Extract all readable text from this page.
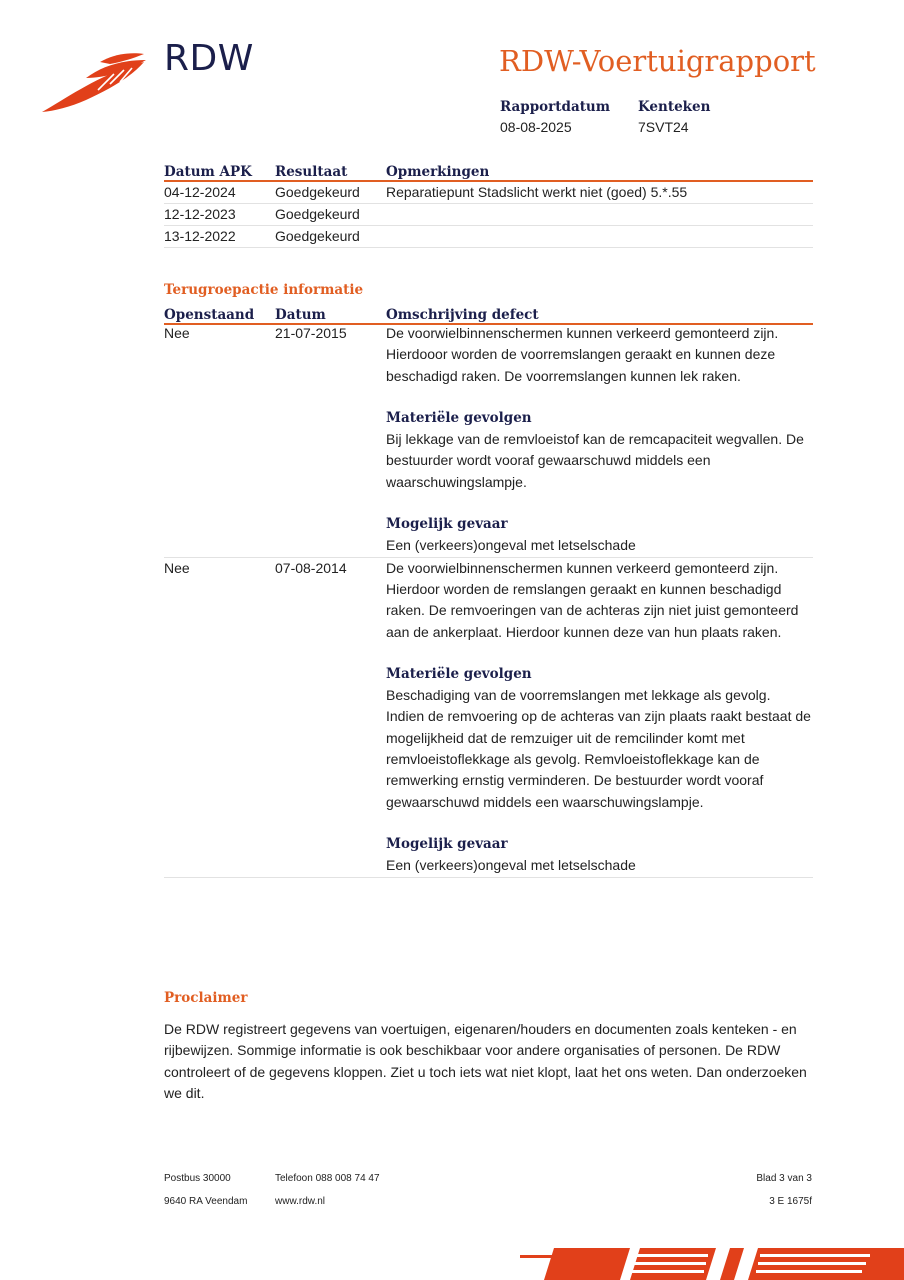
RDW	RDW-Voertuigrapport
Rapportdatum
08-08-2025
Kenteken
7SVT24
Datum APK	Resultaat	Opmerkingen
04-12-2024	Goedgekeurd	Reparatiepunt Stadslicht werkt niet (goed) 5.*.55
12-12-2023	Goedgekeurd	
13-12-2022	Goedgekeurd	
Terugroepactie informatie
Openstaand	Datum	Omschrijving defect
Nee	21-07-2015	De voorwielbinnenschermen kunnen verkeerd gemonteerd zijn. Hierdooor worden de voorremslangen geraakt en kunnen deze beschadigd raken. De voorremslangen kunnen lek raken.
Materiële gevolgen
Bij lekkage van de remvloeistof kan de remcapaciteit wegvallen. De bestuurder wordt vooraf gewaarschuwd middels een waarschuwingslampje.
Mogelijk gevaar
Een (verkeers)ongeval met letselschade
Nee	07-08-2014	De voorwielbinnenschermen kunnen verkeerd gemonteerd zijn. Hierdoor worden de remslangen geraakt en kunnen beschadigd raken. De remvoeringen van de achteras zijn niet juist gemonteerd aan de ankerplaat. Hierdoor kunnen deze van hun plaats raken.
Materiële gevolgen
Beschadiging van de voorremslangen met lekkage als gevolg. Indien de remvoering op de achteras van zijn plaats raakt bestaat de mogelijkheid dat de remzuiger uit de remcilinder komt met remvloeistoflekkage als gevolg. Remvloeistoflekkage kan de remwerking ernstig verminderen. De bestuurder wordt vooraf gewaarschuwd middels een waarschuwingslampje.
Mogelijk gevaar
Een (verkeers)ongeval met letselschade
Proclaimer
De RDW registreert gegevens van voertuigen, eigenaren/houders en documenten zoals kenteken - en rijbewijzen. Sommige informatie is ook beschikbaar voor andere organisaties of personen. De RDW controleert of de gegevens kloppen. Ziet u toch iets wat niet klopt, laat het ons weten. Dan onderzoeken we dit.
Postbus 30000
9640 RA Veendam
Telefoon 088 008 74 47
www.rdw.nl
Blad 3 van 3
3 E 1675f
